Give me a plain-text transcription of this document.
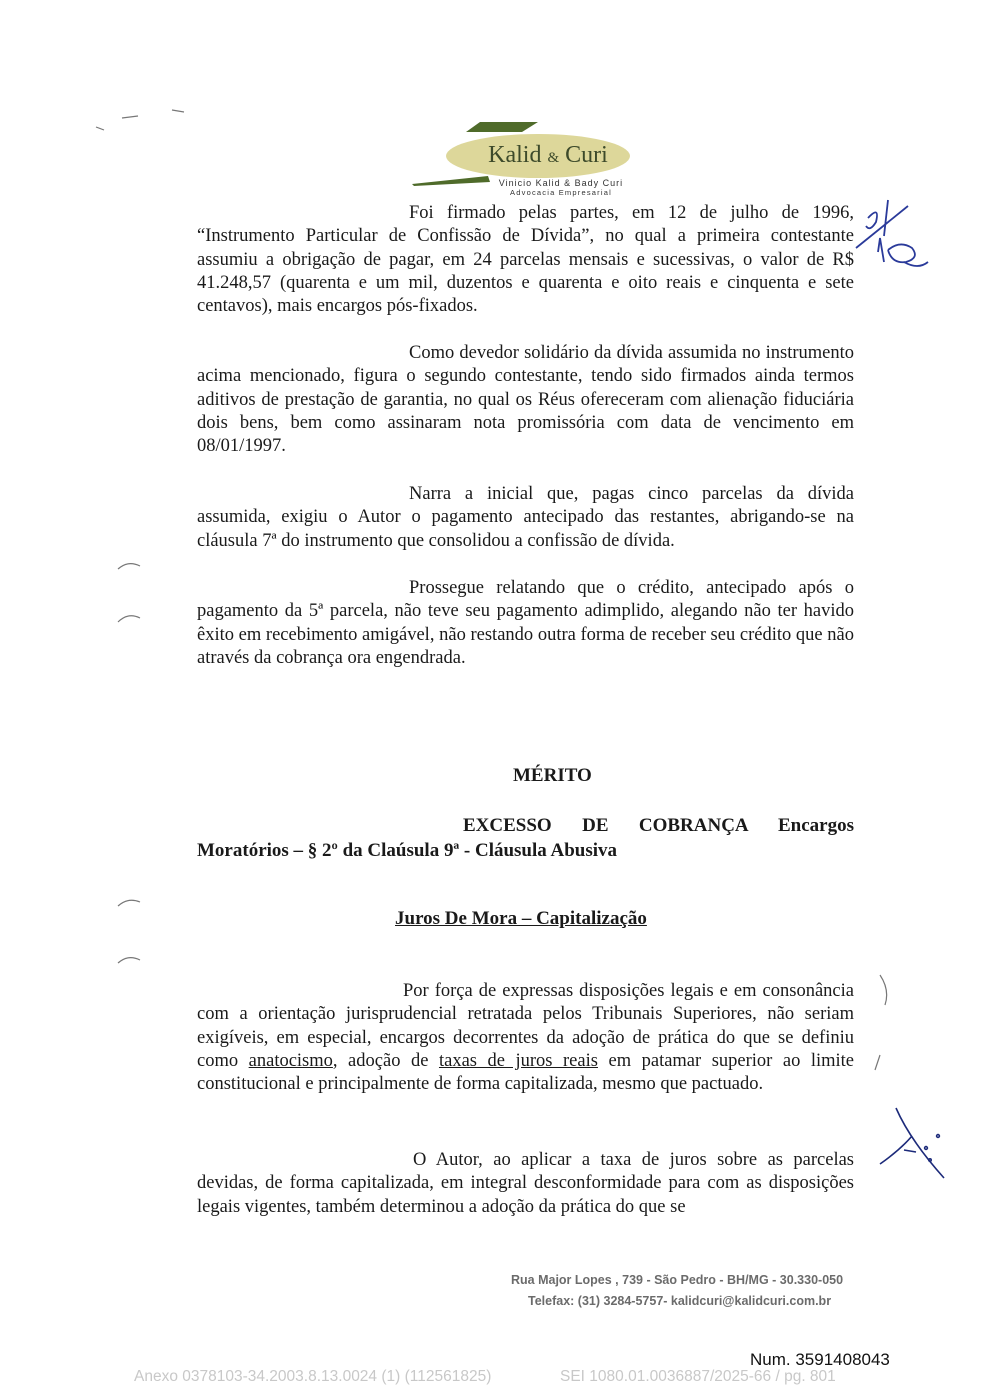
Kalid & Curi
Vinicio Kalid & Bady Curi
Advocacia Empresarial
Foi firmado pelas partes, em 12 de julho de 1996, “Instrumento Particular de Confissão de Dívida”, no qual a primeira contestante assumiu a obrigação de pagar, em 24 parcelas mensais e sucessivas, o valor de R$ 41.248,57 (quarenta e um mil, duzentos e quarenta e oito reais e cinquenta e sete centavos), mais encargos pós-fixados.
Como devedor solidário da dívida assumida no instrumento acima mencionado, figura o segundo contestante, tendo sido firmados ainda termos aditivos de prestação de garantia, no qual os Réus ofereceram com alienação fiduciária dois bens, bem como assinaram nota promissória com data de vencimento em 08/01/1997.
Narra a inicial que, pagas cinco parcelas da dívida assumida, exigiu o Autor o pagamento antecipado das restantes, abrigando-se na cláusula 7ª do instrumento que consolidou a confissão de dívida.
Prossegue relatando que o crédito, antecipado após o pagamento da 5ª parcela, não teve seu pagamento adimplido, alegando não ter havido êxito em recebimento amigável, não restando outra forma de receber seu crédito que não através da cobrança ora engendrada.
MÉRITO
EXCESSO DE COBRANÇA Encargos Moratórios – § 2º da Claúsula 9ª - Cláusula Abusiva
Juros De Mora – Capitalização
Por força de expressas disposições legais e em consonância com a orientação jurisprudencial retratada pelos Tribunais Superiores, não seriam exigíveis, em especial, encargos decorrentes da adoção de prática do que se definiu como anatocismo, adoção de taxas de juros reais em patamar superior ao limite constitucional e principalmente de forma capitalizada, mesmo que pactuado.
O Autor, ao aplicar a taxa de juros sobre as parcelas devidas, de forma capitalizada, em integral desconformidade para com as disposições legais vigentes, também determinou a adoção da prática do que se
Rua Major Lopes , 739 - São Pedro - BH/MG - 30.330-050
Telefax: (31) 3284-5757- kalidcuri@kalidcuri.com.br
Num. 3591408043
Anexo 0378103-34.2003.8.13.0024 (1) (112561825)	SEI 1080.01.0036887/2025-66 / pg. 801
